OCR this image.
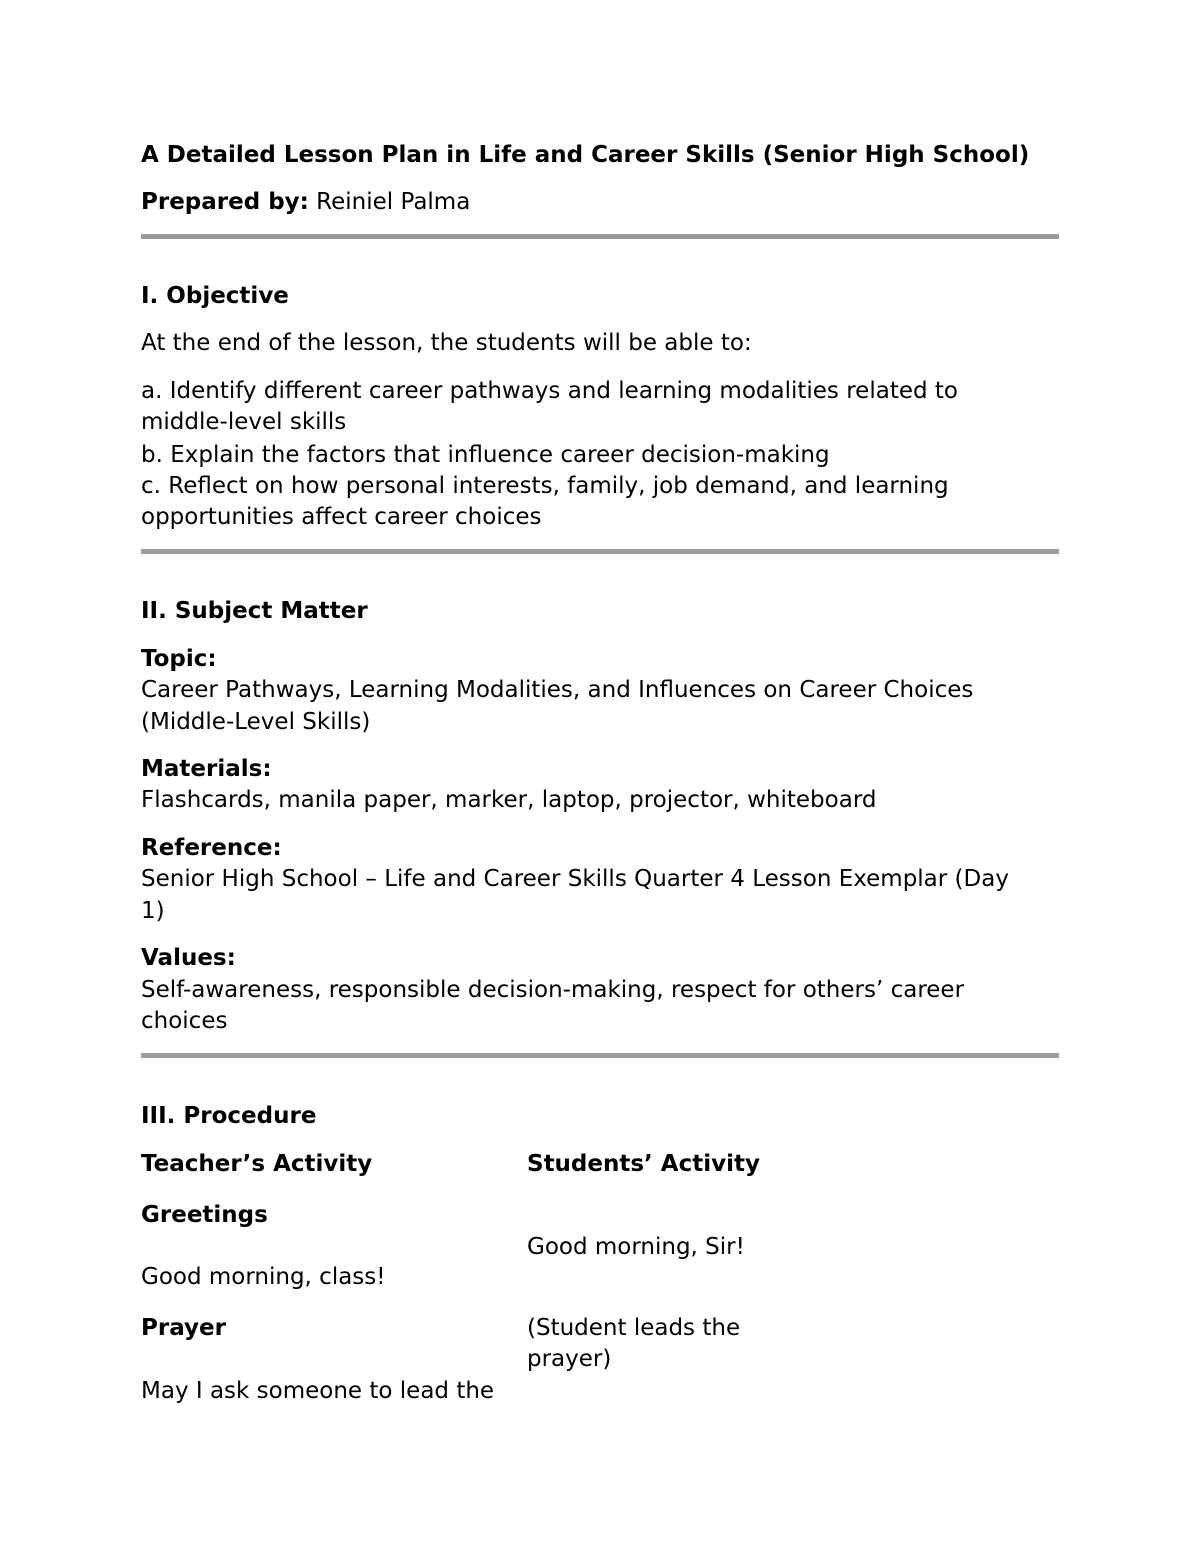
A Detailed Lesson Plan in Life and Career Skills (Senior High School)
Prepared by: Reiniel Palma
I. Objective
At the end of the lesson, the students will be able to:
a. Identify different career pathways and learning modalities related to
middle-level skills
b. Explain the factors that influence career decision-making
c. Reflect on how personal interests, family, job demand, and learning
opportunities affect career choices
II. Subject Matter
Topic:
Career Pathways, Learning Modalities, and Influences on Career Choices
(Middle-Level Skills)
Materials:
Flashcards, manila paper, marker, laptop, projector, whiteboard
Reference:
Senior High School – Life and Career Skills Quarter 4 Lesson Exemplar (Day
1)
Values:
Self-awareness, responsible decision-making, respect for others’ career
choices
III. Procedure
Teacher’s Activity	Students’ Activity
Greetings
Good morning, Sir!
Good morning, class!
Prayer	(Student leads the
prayer)
May I ask someone to lead the
